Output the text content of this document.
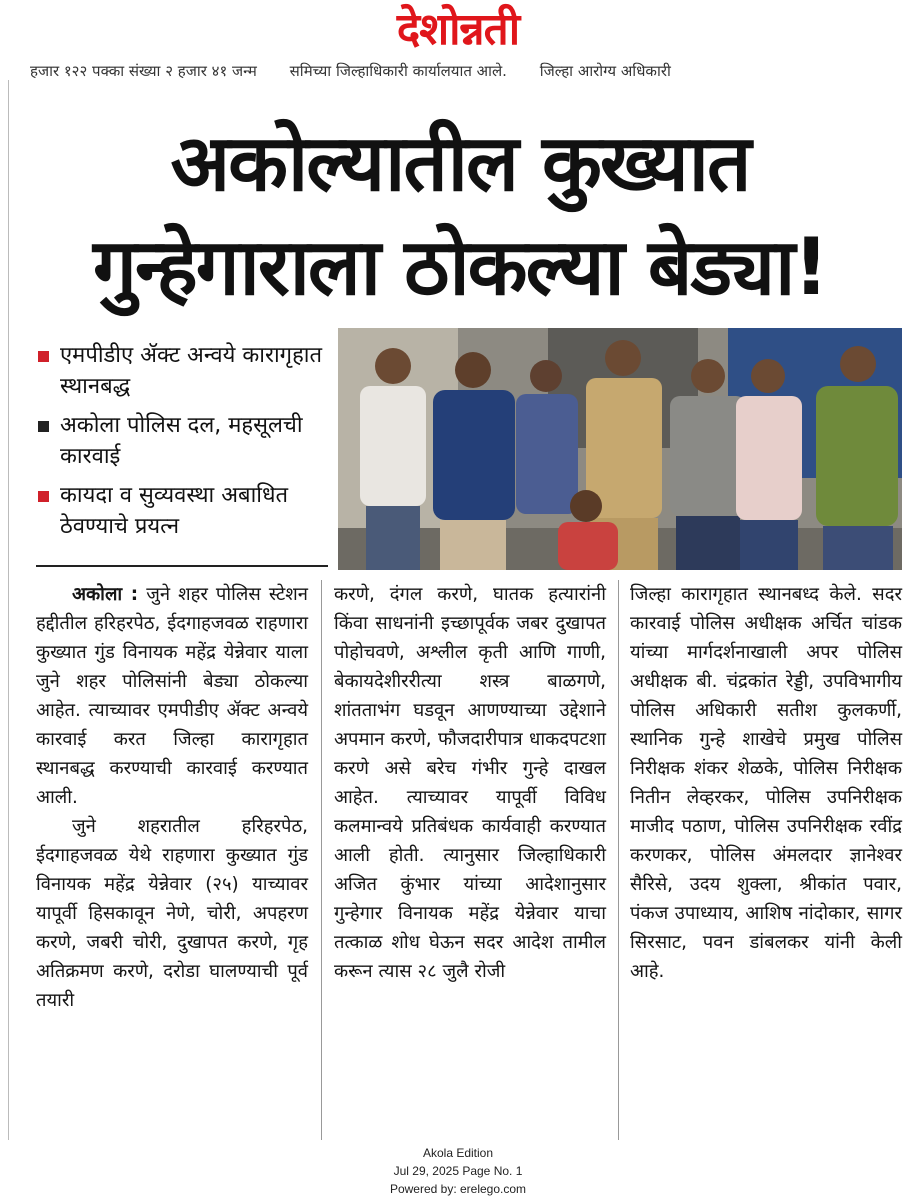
देशोन्नती
हजार १२२ पक्का संख्या २ हजार ४१ जन्म समिच्या जिल्हाधिकारी कार्यालयात आले. जिल्हा आरोग्य अधिकारी
अकोल्यातील कुख्यात
गुन्हेगाराला ठोकल्या बेड्या!
एमपीडीए ॲक्ट अन्वये कारागृहात स्थानबद्ध
अकोला पोलिस दल, महसूलची कारवाई
कायदा व सुव्यवस्था अबाधित ठेवण्याचे प्रयत्न

अकोला : जुने शहर पोलिस स्टेशन हद्दीतील हरिहरपेठ, ईदगाहजवळ राहणारा कुख्यात गुंड विनायक महेंद्र येन्नेवार याला जुने शहर पोलिसांनी बेड्या ठोकल्या आहेत. त्याच्यावर एमपीडीए ॲक्ट अन्वये कारवाई करत जिल्हा कारागृहात स्थानबद्ध करण्याची कारवाई करण्यात आली.

जुने शहरातील हरिहरपेठ, ईदगाहजवळ येथे राहणारा कुख्यात गुंड विनायक महेंद्र येन्नेवार (२५) याच्यावर यापूर्वी हिसकावून नेणे, चोरी, अपहरण करणे, जबरी चोरी, दुखापत करणे, गृह अतिक्रमण करणे, दरोडा घालण्याची पूर्व तयारी

करणे, दंगल करणे, घातक हत्यारांनी किंवा साधनांनी इच्छापूर्वक जबर दुखापत पोहोचवणे, अश्लील कृती आणि गाणी, बेकायदेशीररीत्या शस्त्र बाळगणे, शांतताभंग घडवून आणण्याच्या उद्देशाने अपमान करणे, फौजदारीपात्र धाकदपटशा करणे असे बरेच गंभीर गुन्हे दाखल आहेत. त्याच्यावर यापूर्वी विविध कलमान्वये प्रतिबंधक कार्यवाही करण्यात आली होती. त्यानुसार जिल्हाधिकारी अजित कुंभार यांच्या आदेशानुसार गुन्हेगार विनायक महेंद्र येन्नेवार याचा तत्काळ शोध घेऊन सदर आदेश तामील करून त्यास २८ जुलै रोजी

जिल्हा कारागृहात स्थानबध्द केले. सदर कारवाई पोलिस अधीक्षक अर्चित चांडक यांच्या मार्गदर्शनाखाली अपर पोलिस अधीक्षक बी. चंद्रकांत रेड्डी, उपविभागीय पोलिस अधिकारी सतीश कुलकर्णी, स्थानिक गुन्हे शाखेचे प्रमुख पोलिस निरीक्षक शंकर शेळके, पोलिस निरीक्षक नितीन लेव्हरकर, पोलिस उपनिरीक्षक माजीद पठाण, पोलिस उपनिरीक्षक रवींद्र करणकर, पोलिस अंमलदार ज्ञानेश्वर सैरिसे, उदय शुक्ला, श्रीकांत पवार, पंकज उपाध्याय, आशिष नांदोकार, सागर सिरसाट, पवन डांबलकर यांनी केली आहे.

Akola Edition
Jul 29, 2025 Page No. 1
Powered by: erelego.com
